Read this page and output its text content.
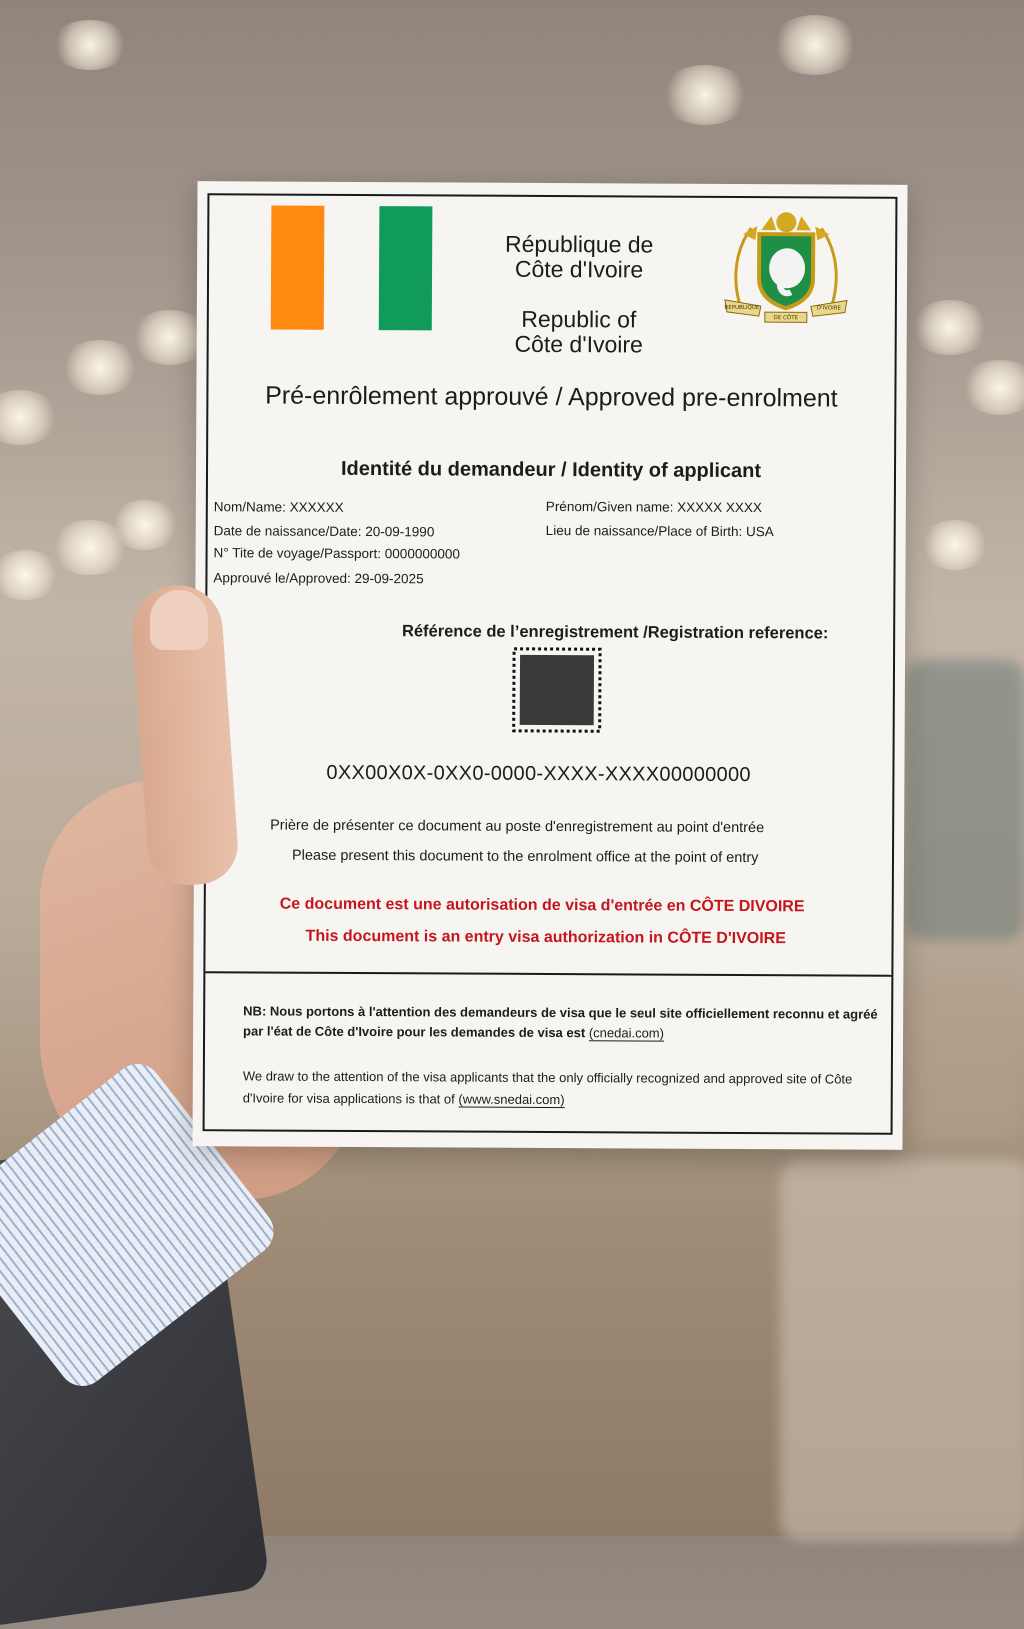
République de
Côte d'Ivoire
Republic of
Côte d'Ivoire
REPUBLIQUE	D'IVOIRE
DE CÔTE
Pré-enrôlement approuvé / Approved pre-enrolment
Identité du demandeur / Identity of applicant
Nom/Name: XXXXXX	Prénom/Given name: XXXXX XXXX
Date de naissance/Date: 20-09-1990	Lieu de naissance/Place of Birth: USA
N° Tite de voyage/Passport: 0000000000
Approuvé le/Approved: 29-09-2025
Référence de l’enregistrement /Registration reference:
0XX00X0X-0XX0-0000-XXXX-XXXX00000000
Prière de présenter ce document au poste d'enregistrement au point d'entrée
Please present this document to the enrolment office at the point of entry
Ce document est une autorisation de visa d'entrée en CÔTE DIVOIRE
This document is an entry visa authorization in CÔTE D'IVOIRE
NB: Nous portons à l'attention des demandeurs de visa que le seul site officiellement reconnu et agréé par l'éat de Côte d'Ivoire pour les demandes de visa est (cnedai.com)
We draw to the attention of the visa applicants that the only officially recognized and approved site of Côte d'Ivoire for visa applications is that of (www.snedai.com)
